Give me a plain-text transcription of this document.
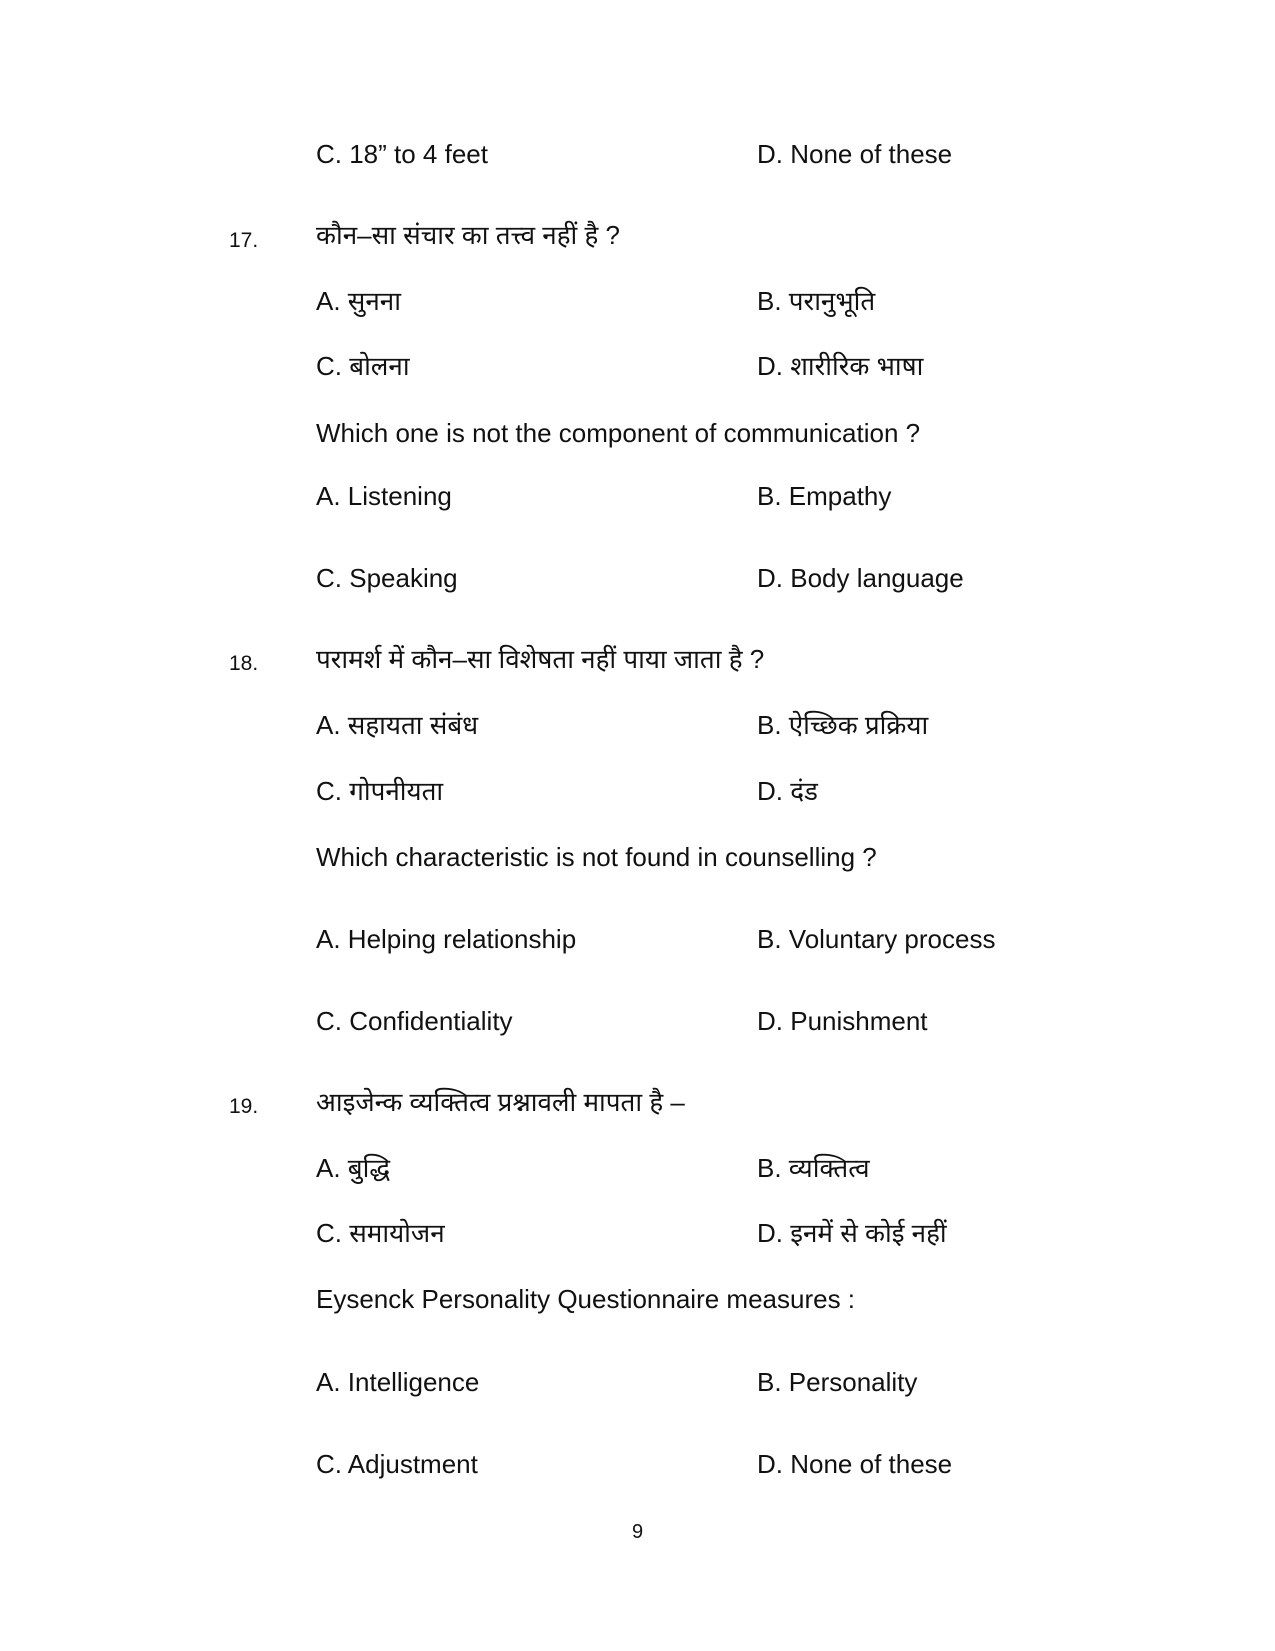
C. 18” to 4 feet	D. None of these
17. कौन–सा संचार का तत्त्व नहीं है ?
A. सुनना	B. परानुभूति
C. बोलना	D. शारीरिक भाषा
Which one is not the component of communication ?
A. Listening	B. Empathy
C. Speaking	D. Body language
18. परामर्श में कौन–सा विशेषता नहीं पाया जाता है ?
A. सहायता संबंध	B. ऐच्छिक प्रक्रिया
C. गोपनीयता	D. दंड
Which characteristic is not found in counselling ?
A. Helping relationship	B. Voluntary process
C. Confidentiality	D. Punishment
19. आइजेन्क व्यक्तित्व प्रश्नावली मापता है –
A. बुद्धि	B. व्यक्तित्व
C. समायोजन	D. इनमें से कोई नहीं
Eysenck Personality Questionnaire measures :
A. Intelligence	B. Personality
C. Adjustment	D. None of these
9
